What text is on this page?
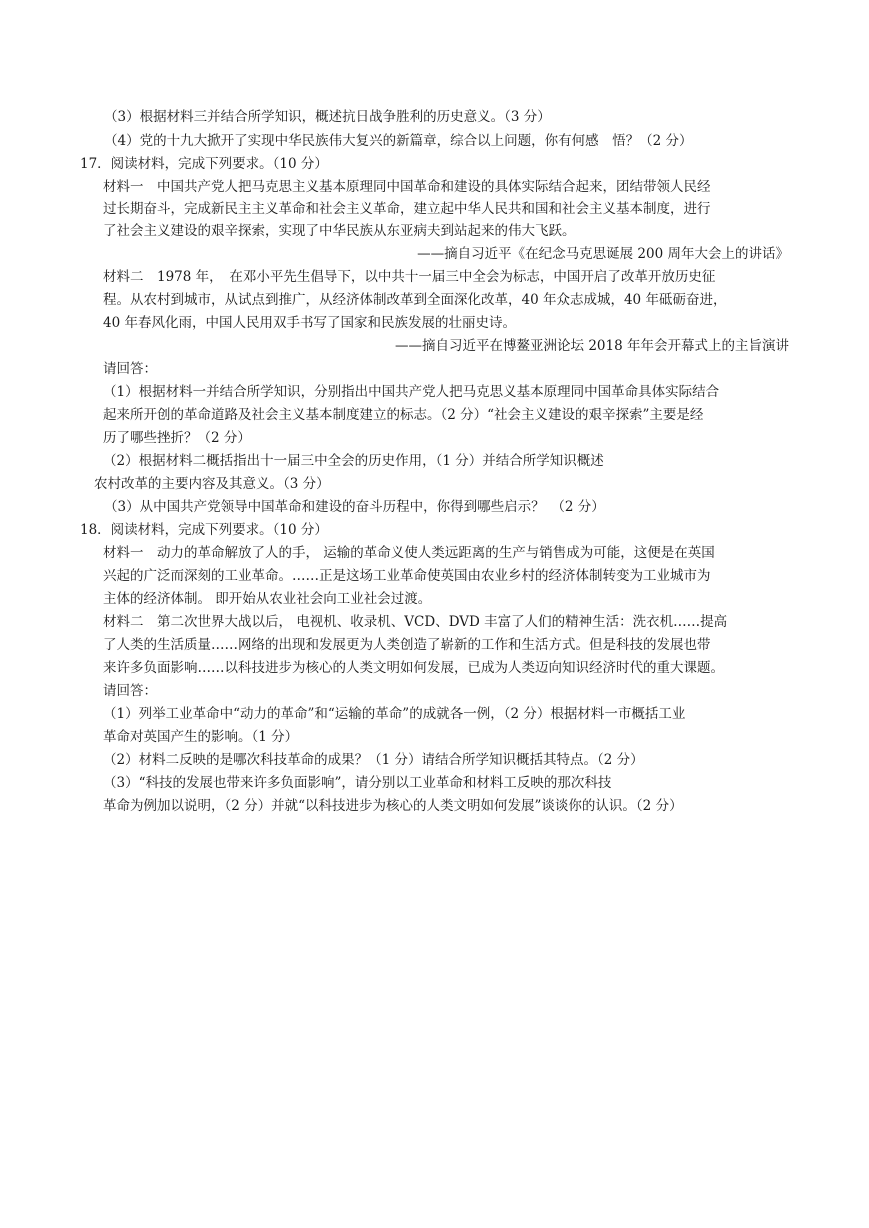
（3）根据材料三并结合所学知识，概述抗日战争胜利的历史意义。（3 分）
（4）党的十九大掀开了实现中华民族伟大复兴的新篇章，综合以上问题，你有何感　悟？（2 分）
17．阅读材料，完成下列要求。（10 分）
材料一　中国共产党人把马克思主义基本原理同中国革命和建设的具体实际结合起来，团结带领人民经
过长期奋斗，完成新民主主义革命和社会主义革命，建立起中华人民共和国和社会主义基本制度，进行
了社会主义建设的艰辛探索，实现了中华民族从东亚病夫到站起来的伟大飞跃。
——摘自习近平《在纪念马克思诞展 200 周年大会上的讲话》
材料二　1978 年，　在邓小平先生倡导下，以中共十一届三中全会为标志，中国开启了改革开放历史征
程。从农村到城市，从试点到推广，从经济体制改革到全面深化改革，40 年众志成城，40 年砥砺奋进，
40 年春风化雨，中国人民用双手书写了国家和民族发展的壮丽史诗。
——摘自习近平在博鳌亚洲论坛 2018 年年会开幕式上的主旨演讲
请回答：
（1）根据材料一并结合所学知识，分别指出中国共产党人把马克思义基本原理同中国革命具体实际结合
起来所开创的革命道路及社会主义基本制度建立的标志。（2 分）“社会主义建设的艰辛探索”主要是经
历了哪些挫折？（2 分）
（2）根据材料二概括指出十一届三中全会的历史作用，（1 分）并结合所学知识概述
农村改革的主要内容及其意义。（3 分）
（3）从中国共产党领导中国革命和建设的奋斗历程中，你得到哪些启示？　（2 分）
18．阅读材料，完成下列要求。（10 分）
材料一　动力的革命解放了人的手， 运输的革命义使人类远距离的生产与销售成为可能，这便是在英国
兴起的广泛而深刻的工业革命。……正是这场工业革命使英国由农业乡村的经济体制转变为工业城市为
主体的经济体制。 即开始从农业社会向工业社会过渡。
材料二　第二次世界大战以后， 电视机、收录机、VCD、DVD 丰富了人们的精神生活：洗衣机……提高
了人类的生活质量……网络的出现和发展更为人类创造了崭新的工作和生活方式。但是科技的发展也带
来许多负面影响……以科技进步为核心的人类文明如何发展，已成为人类迈向知识经济时代的重大课题。
请回答：
（1）列举工业革命中“动力的革命”和“运输的革命”的成就各一例，（2 分）根据材料一市概括工业
革命对英国产生的影响。（1 分）
（2）材料二反映的是哪次科技革命的成果？（1 分）请结合所学知识概括其特点。（2 分）
（3）“科技的发展也带来许多负面影响”，请分别以工业革命和材料工反映的那次科技
革命为例加以说明，（2 分）并就“以科技进步为核心的人类文明如何发展”谈谈你的认识。（2 分）
